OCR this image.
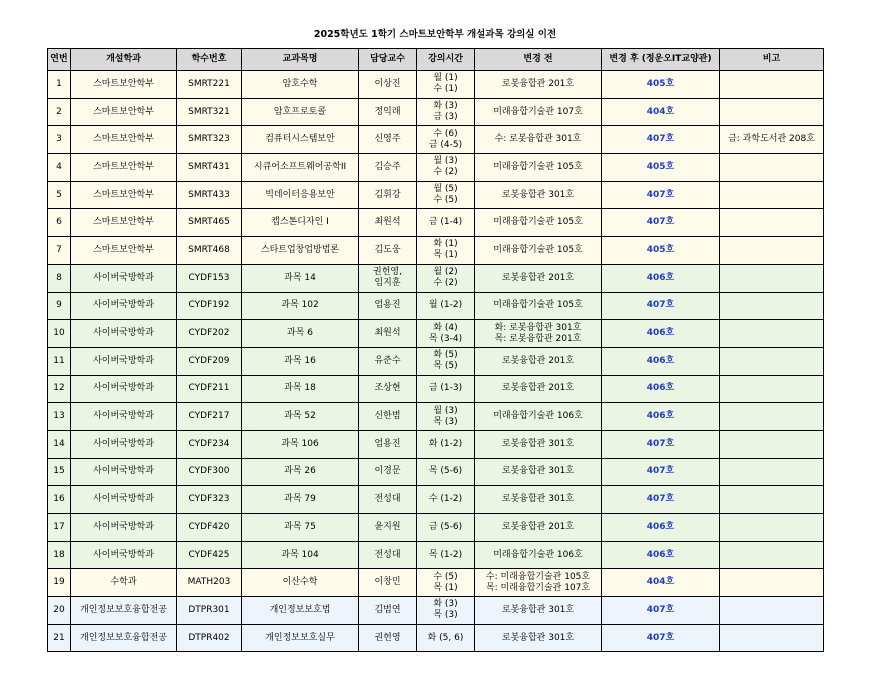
2025학년도 1학기 스마트보안학부 개설과목 강의실 이전
연번	개설학과	학수번호	교과목명	담당교수	강의시간	변경 전	변경 후 (정운오IT교양관)	비고
1	스마트보안학부	SMRT221	암호수학	이상진	월 (1)
수 (1)	로봇융합관 201호	405호	
2	스마트보안학부	SMRT321	암호프로토콜	정익래	화 (3)
금 (3)	미래융합기술관 107호	404호	
3	스마트보안학부	SMRT323	컴퓨터시스템보안	신영주	수 (6)
금 (4-5)	수: 로봇융합관 301호	407호	금: 과학도서관 208호
4	스마트보안학부	SMRT431	시큐어소프트웨어공학II	김승주	월 (3)
수 (2)	미래융합기술관 105호	405호	
5	스마트보안학부	SMRT433	빅데이터응용보안	김휘강	월 (5)
수 (5)	로봇융합관 301호	407호	
6	스마트보안학부	SMRT465	캡스톤디자인 I	최원석	금 (1-4)	미래융합기술관 105호	407호	
7	스마트보안학부	SMRT468	스타트업창업방법론	김도웅	화 (1)
목 (1)	미래융합기술관 105호	405호	
8	사이버국방학과	CYDF153	과목 14	권헌영,
임지훈	월 (2)
수 (2)	로봇융합관 201호	406호	
9	사이버국방학과	CYDF192	과목 102	엄용진	월 (1-2)	미래융합기술관 105호	407호	
10	사이버국방학과	CYDF202	과목 6	최원석	화 (4)
목 (3-4)	화: 로봇융합관 301호
목: 로봇융합관 201호	406호	
11	사이버국방학과	CYDF209	과목 16	유준수	화 (5)
목 (5)	로봇융합관 201호	406호	
12	사이버국방학과	CYDF211	과목 18	조상현	금 (1-3)	로봇융합관 201호	406호	
13	사이버국방학과	CYDF217	과목 52	신한범	월 (3)
목 (3)	미래융합기술관 106호	406호	
14	사이버국방학과	CYDF234	과목 106	엄용진	화 (1-2)	로봇융합관 301호	407호	
15	사이버국방학과	CYDF300	과목 26	이경문	목 (5-6)	로봇융합관 301호	407호	
16	사이버국방학과	CYDF323	과목 79	전성대	수 (1-2)	로봇융합관 301호	407호	
17	사이버국방학과	CYDF420	과목 75	윤지원	금 (5-6)	로봇융합관 201호	406호	
18	사이버국방학과	CYDF425	과목 104	전성대	목 (1-2)	미래융합기술관 106호	406호	
19	수학과	MATH203	이산수학	이창민	수 (5)
목 (1)	수: 미래융합기술관 105호
목: 미래융합기술관 107호	404호	
20	개인정보보호융합전공	DTPR301	개인정보보호법	김범연	화 (3)
목 (3)	로봇융합관 301호	407호	
21	개인정보보호융합전공	DTPR402	개인정보보호실무	권헌영	화 (5, 6)	로봇융합관 301호	407호	
